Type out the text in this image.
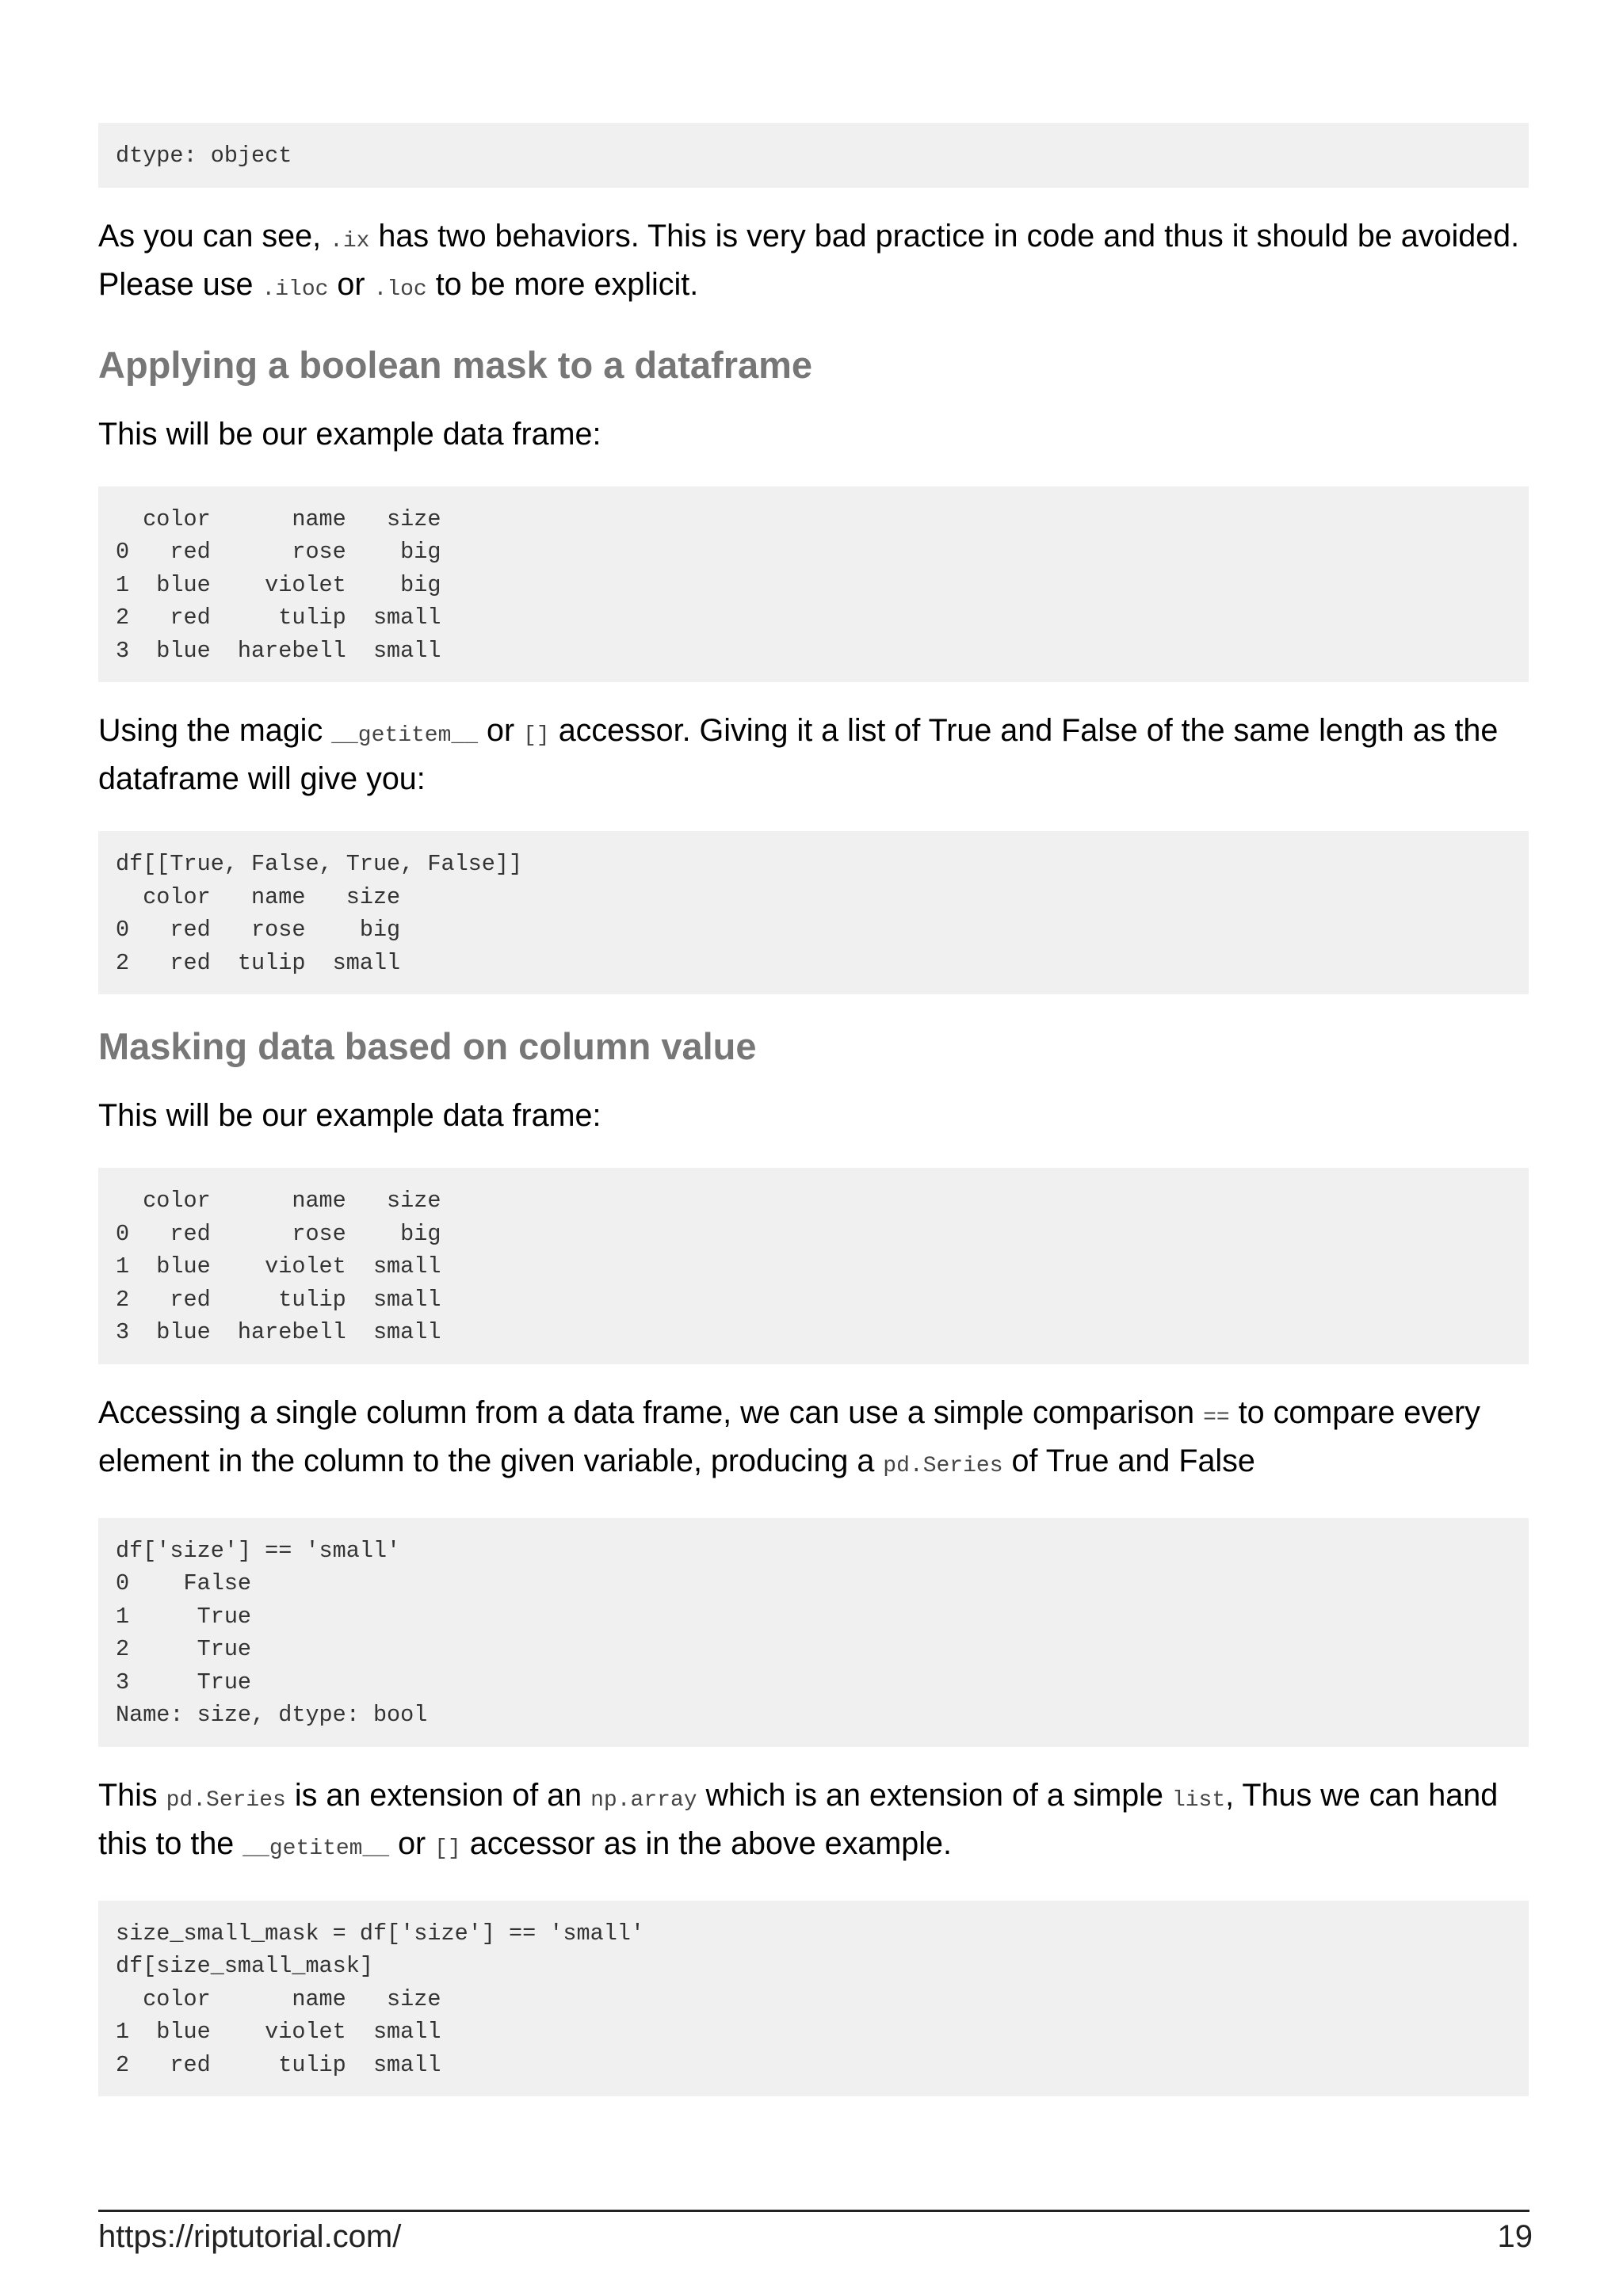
dtype: object
As you can see, .ix has two behaviors. This is very bad practice in code and thus it should be avoided. Please use .iloc or .loc to be more explicit.
Applying a boolean mask to a dataframe
This will be our example data frame:
color      name   size
0   red      rose    big
1  blue    violet    big
2   red     tulip  small
3  blue  harebell  small
Using the magic __getitem__ or [] accessor. Giving it a list of True and False of the same length as the dataframe will give you:
df[[True, False, True, False]]
color   name   size
0   red   rose    big
2   red  tulip  small
Masking data based on column value
This will be our example data frame:
color      name   size
0   red      rose    big
1  blue    violet  small
2   red     tulip  small
3  blue  harebell  small
Accessing a single column from a data frame, we can use a simple comparison == to compare every element in the column to the given variable, producing a pd.Series of True and False
df['size'] == 'small'
0    False
1     True
2     True
3     True
Name: size, dtype: bool
This pd.Series is an extension of an np.array which is an extension of a simple list, Thus we can hand this to the __getitem__ or [] accessor as in the above example.
size_small_mask = df['size'] == 'small'
df[size_small_mask]
color      name   size
1  blue    violet  small
2   red     tulip  small
https://riptutorial.com/	19
